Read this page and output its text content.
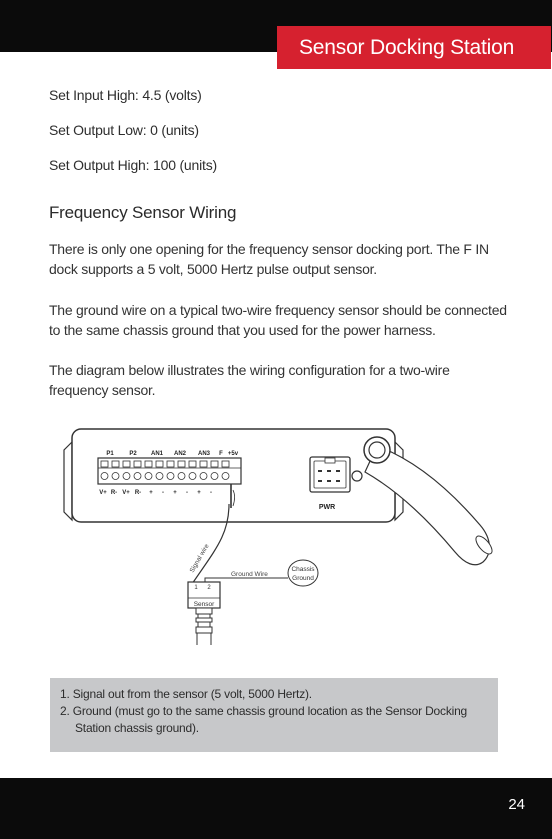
Sensor Docking Station
Set Input High: 4.5 (volts)
Set Output Low: 0 (units)
Set Output High: 100 (units)
Frequency Sensor Wiring

There is only one opening for the frequency sensor docking port. The F IN dock supports a 5 volt, 5000 Hertz pulse output sensor.

The ground wire on a typical two-wire frequency sensor should be connected to the same chassis ground that you used for the power harness.

The diagram below illustrates the wiring configuration for a two-wire frequency sensor.

P1	P2 AN1 AN2 AN3 F +5v
V+ R- V+ R- + - + - + -
PWR
Signal wire
Ground Wire
Chassis
Ground
1 2
Sensor
1. Signal out from the sensor (5 volt, 5000 Hertz).
2. Ground (must go to the same chassis ground location as the Sensor Docking Station chassis ground).
24
